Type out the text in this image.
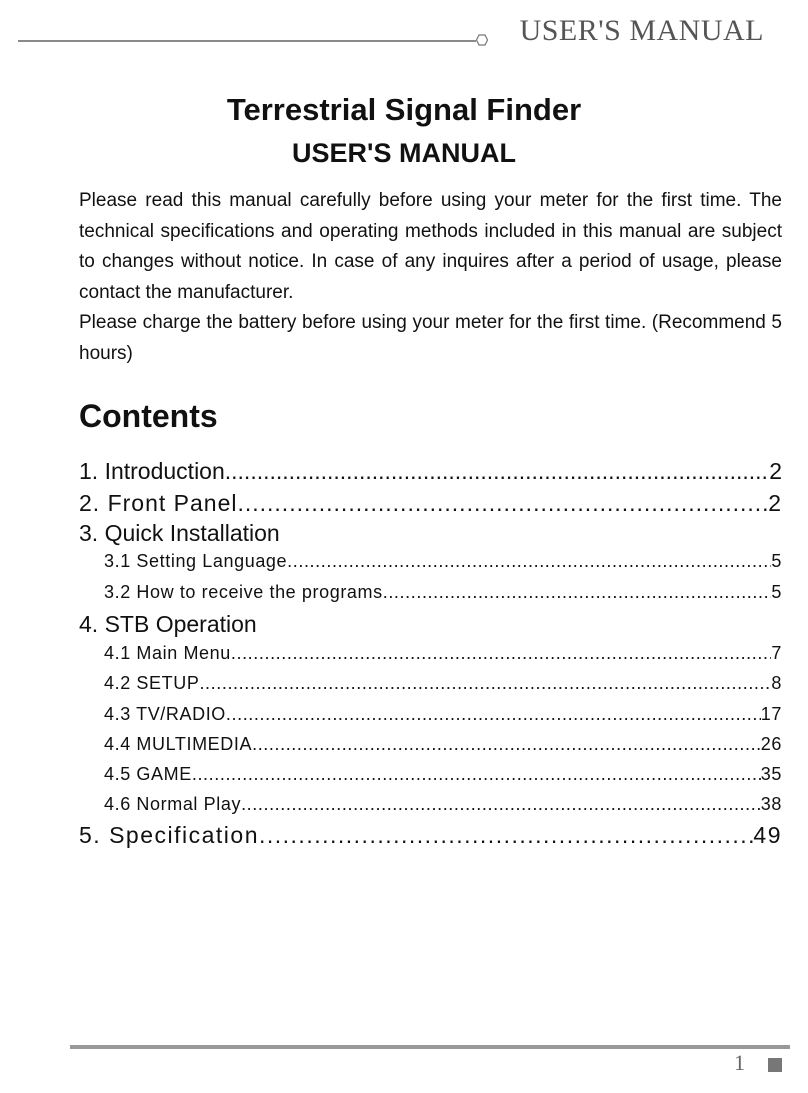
USER'S MANUAL
Terrestrial Signal Finder
USER'S MANUAL

Please read this manual carefully before using your meter for the first time. The technical specifications and operating methods included in this manual are subject to changes without notice. In case of any inquires after a period of usage, please contact the manufacturer.

Please charge the battery before using your meter for the first time. (Recommend 5 hours)

Contents
1. Introduction .....	2
2. Front Panel .....	2
3. Quick Installation
3.1 Setting Language .....	5
3.2 How to receive the programs .....	5
4. STB Operation
4.1 Main Menu .....	7
4.2 SETUP .....	8
4.3 TV/RADIO .....	17
4.4 MULTIMEDIA .....	26
4.5 GAME .....	35
4.6 Normal Play .....	38
5. Specification .....	49
1
